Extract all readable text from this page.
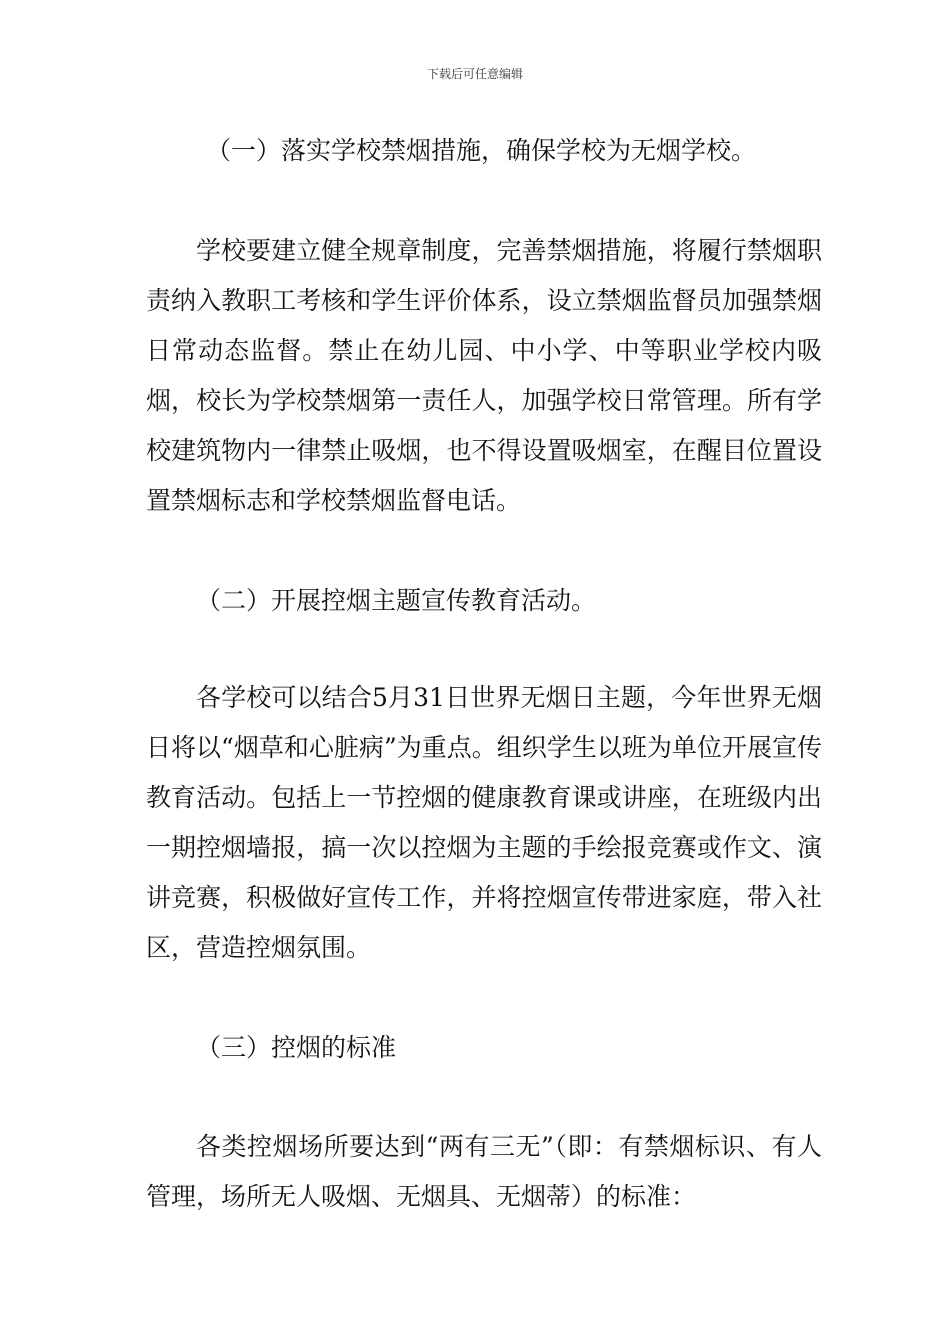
下载后可任意编辑
（一）落实学校禁烟措施，确保学校为无烟学校。

学校要建立健全规章制度，完善禁烟措施，将履行禁烟职责纳入教职工考核和学生评价体系，设立禁烟监督员加强禁烟日常动态监督。禁止在幼儿园、中小学、中等职业学校内吸烟，校长为学校禁烟第一责任人，加强学校日常管理。所有学校建筑物内一律禁止吸烟，也不得设置吸烟室，在醒目位置设置禁烟标志和学校禁烟监督电话。

（二）开展控烟主题宣传教育活动。

各学校可以结合5月31日世界无烟日主题，今年世界无烟日将以“烟草和心脏病”为重点。组织学生以班为单位开展宣传教育活动。包括上一节控烟的健康教育课或讲座，在班级内出一期控烟墙报，搞一次以控烟为主题的手绘报竞赛或作文、演讲竞赛，积极做好宣传工作，并将控烟宣传带进家庭，带入社区，营造控烟氛围。

（三）控烟的标准

各类控烟场所要达到“两有三无”（即：有禁烟标识、有人管理，场所无人吸烟、无烟具、无烟蒂）的标准：
